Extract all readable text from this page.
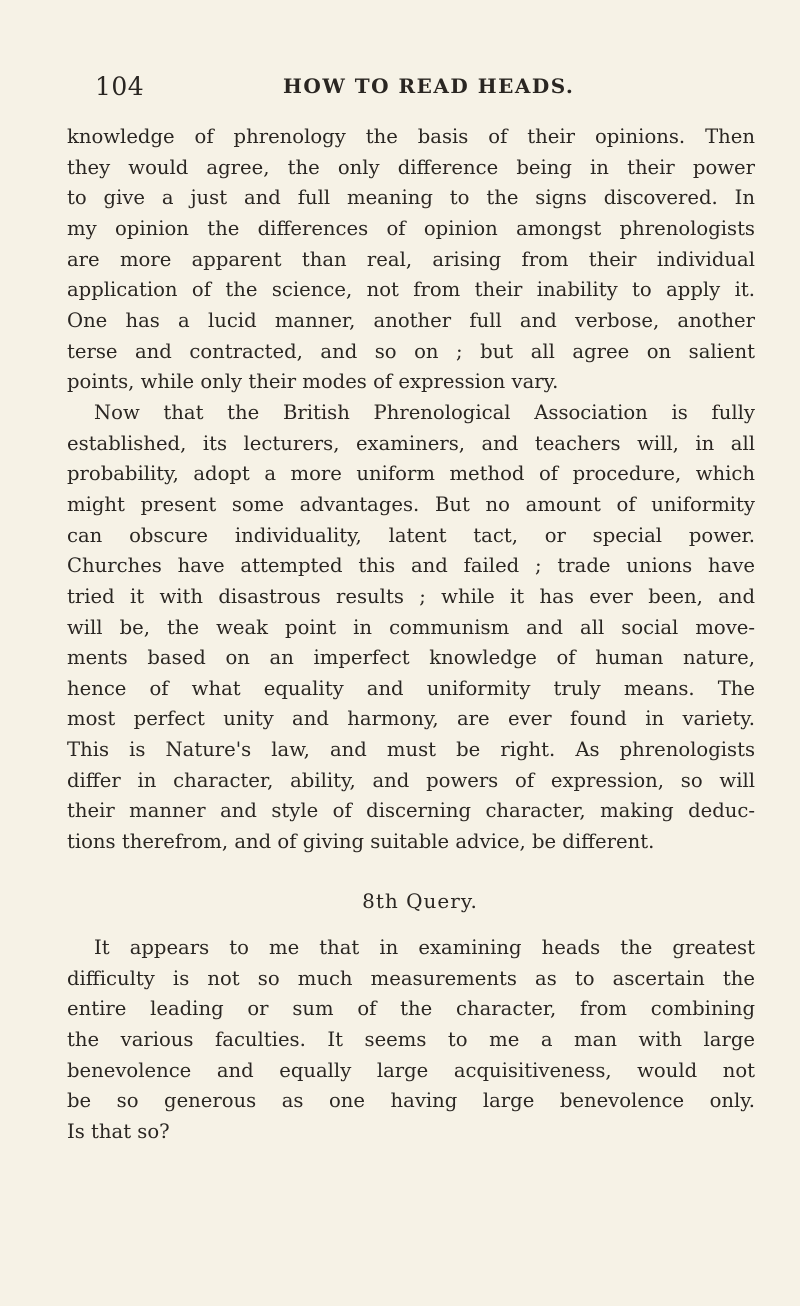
104	HOW TO READ HEADS.
knowledge of phrenology the basis of their opinions. Then
they would agree, the only difference being in their power
to give a just and full meaning to the signs discovered. In
my opinion the differences of opinion amongst phrenologists
are more apparent than real, arising from their individual
application of the science, not from their inability to apply it.
One has a lucid manner, another full and verbose, another
terse and contracted, and so on ; but all agree on salient
points, while only their modes of expression vary.
Now that the British Phrenological Association is fully
established, its lecturers, examiners, and teachers will, in all
probability, adopt a more uniform method of procedure, which
might present some advantages. But no amount of uniformity
can obscure individuality, latent tact, or special power.
Churches have attempted this and failed ; trade unions have
tried it with disastrous results ; while it has ever been, and
will be, the weak point in communism and all social move-
ments based on an imperfect knowledge of human nature,
hence of what equality and uniformity truly means. The
most perfect unity and harmony, are ever found in variety.
This is Nature's law, and must be right. As phrenologists
differ in character, ability, and powers of expression, so will
their manner and style of discerning character, making deduc-
tions therefrom, and of giving suitable advice, be different.
8th Query.
It appears to me that in examining heads the greatest
difficulty is not so much measurements as to ascertain the
entire leading or sum of the character, from combining
the various faculties. It seems to me a man with large
benevolence and equally large acquisitiveness, would not
be so generous as one having large benevolence only.
Is that so?
